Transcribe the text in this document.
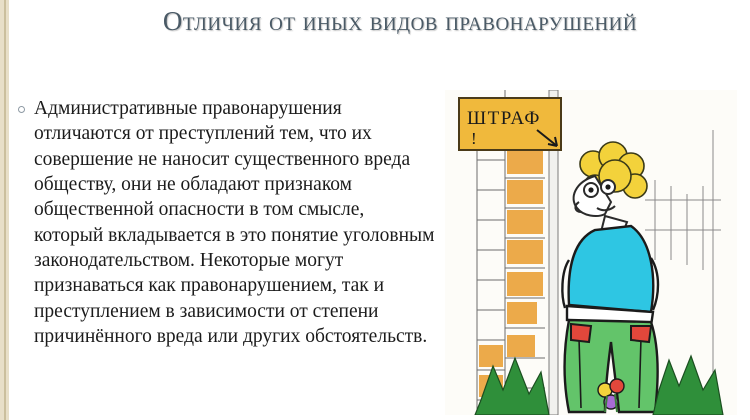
Отличия от иных видов правонарушений
Административные правонарушения отличаются от преступлений тем, что их совершение не наносит существенного вреда обществу, они не обладают признаком общественной опасности в том смысле, который вкладывается в это понятие уголовным законодательством. Некоторые могут признаваться как правонарушением, так и преступлением в зависимости от степени причинённого вреда или других обстоятельств.
ШТРАФ
!
